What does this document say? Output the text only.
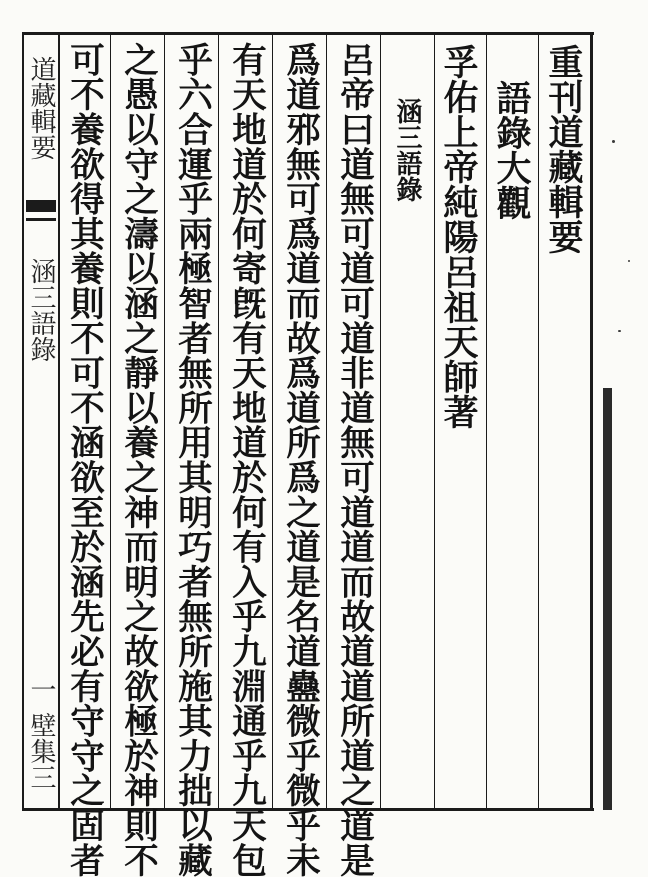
重刊道藏輯要
語錄大觀
孚佑上帝純陽呂祖天師著
涵三語錄
呂帝曰道無可道可道非道無可道道而故道道所道之道是
爲道邪無可爲道而故爲道所爲之道是名道蠱微乎微乎未
有天地道於何寄旣有天地道於何有入乎九淵通乎九天包
乎六合運乎兩極智者無所用其明巧者無所施其力拙以藏
之愚以守之濤以涵之靜以養之神而明之故欲極於神則不
可不養欲得其養則不可不涵欲至於涵先必有守守之固者
道藏輯要
涵三語錄
一
壁集三
